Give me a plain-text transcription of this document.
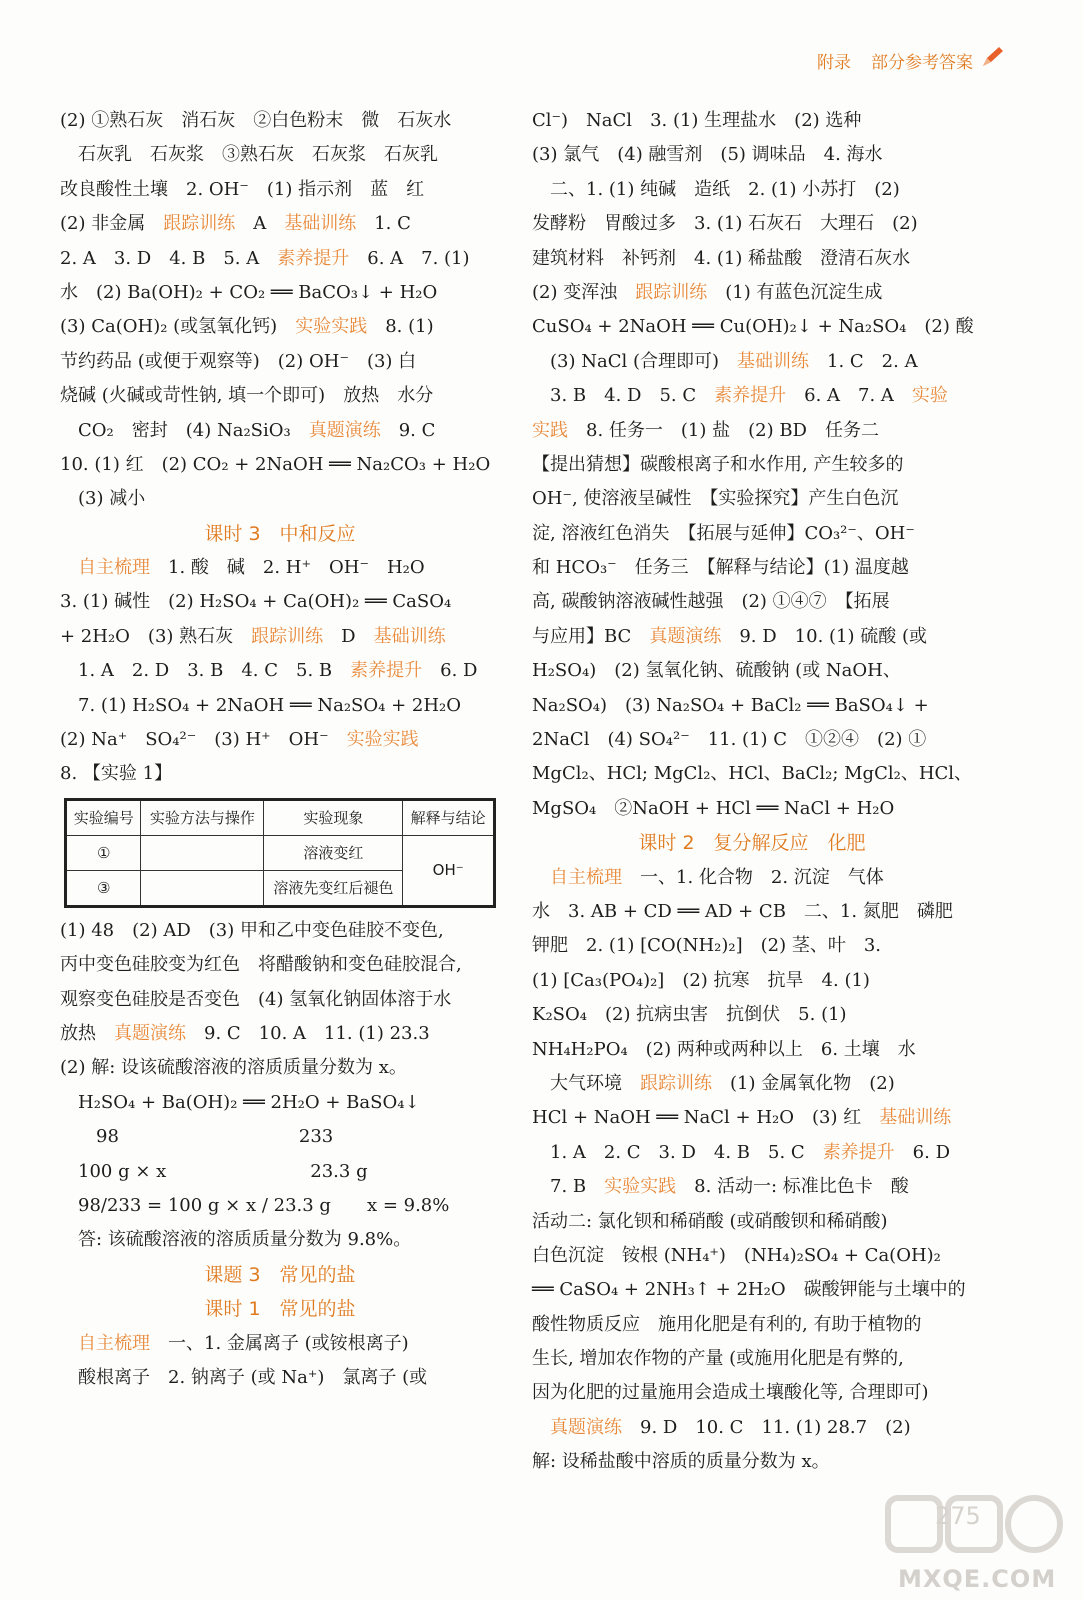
附录 部分参考答案
(2) ①熟石灰　消石灰　②白色粉末　微　石灰水
　石灰乳　石灰浆　③熟石灰　石灰浆　石灰乳
改良酸性土壤　2. OH⁻　(1) 指示剂　蓝　红
(2) 非金属　跟踪训练　A　基础训练　1. C
2. A　3. D　4. B　5. A　素养提升　6. A　7. (1)
水　(2) Ba(OH)₂ + CO₂ ══ BaCO₃↓ + H₂O
(3) Ca(OH)₂ (或氢氧化钙)　实验实践　8. (1)
节约药品 (或便于观察等)　(2) OH⁻　(3) 白
烧碱 (火碱或苛性钠, 填一个即可)　放热　水分
　CO₂　密封　(4) Na₂SiO₃　真题演练　9. C
10. (1) 红　(2) CO₂ + 2NaOH ══ Na₂CO₃ + H₂O
　(3) 减小
课时 3　中和反应
　自主梳理　1. 酸　碱　2. H⁺　OH⁻　H₂O
3. (1) 碱性　(2) H₂SO₄ + Ca(OH)₂ ══ CaSO₄
+ 2H₂O　(3) 熟石灰　跟踪训练　D　基础训练
　1. A　2. D　3. B　4. C　5. B　素养提升　6. D
　7. (1) H₂SO₄ + 2NaOH ══ Na₂SO₄ + 2H₂O
(2) Na⁺　SO₄²⁻　(3) H⁺　OH⁻　实验实践
8. 【实验 1】
实验编号	实验方法与操作	实验现象	解释与结论
①		溶液变红	OH⁻
③		溶液先变红后褪色	
(1) 48　(2) AD　(3) 甲和乙中变色硅胶不变色,
丙中变色硅胶变为红色　将醋酸钠和变色硅胶混合,
观察变色硅胶是否变色　(4) 氢氧化钠固体溶于水
放热　真题演练　9. C　10. A　11. (1) 23.3
(2) 解: 设该硫酸溶液的溶质质量分数为 x。
　H₂SO₄ + Ba(OH)₂ ══ 2H₂O + BaSO₄↓
　　98　　　　　　　　　　233
　100 g × x　　　　　　　　23.3 g
　98/233 = 100 g × x / 23.3 g　　x = 9.8%
　答: 该硫酸溶液的溶质质量分数为 9.8%。
课题 3　常见的盐
课时 1　常见的盐
　自主梳理　一、1. 金属离子 (或铵根离子)
　酸根离子　2. 钠离子 (或 Na⁺)　氯离子 (或
Cl⁻)　NaCl　3. (1) 生理盐水　(2) 选种
(3) 氯气　(4) 融雪剂　(5) 调味品　4. 海水
　二、1. (1) 纯碱　造纸　2. (1) 小苏打　(2)
发酵粉　胃酸过多　3. (1) 石灰石　大理石　(2)
建筑材料　补钙剂　4. (1) 稀盐酸　澄清石灰水
(2) 变浑浊　跟踪训练　(1) 有蓝色沉淀生成
CuSO₄ + 2NaOH ══ Cu(OH)₂↓ + Na₂SO₄　(2) 酸
　(3) NaCl (合理即可)　基础训练　1. C　2. A
　3. B　4. D　5. C　素养提升　6. A　7. A　实验
实践　8. 任务一　(1) 盐　(2) BD　任务二
【提出猜想】碳酸根离子和水作用, 产生较多的
OH⁻, 使溶液呈碱性　【实验探究】产生白色沉
淀, 溶液红色消失　【拓展与延伸】CO₃²⁻、OH⁻
和 HCO₃⁻　任务三　【解释与结论】(1) 温度越
高, 碳酸钠溶液碱性越强　(2) ①④⑦　【拓展
与应用】BC　真题演练　9. D　10. (1) 硫酸 (或
H₂SO₄)　(2) 氢氧化钠、硫酸钠 (或 NaOH、
Na₂SO₄)　(3) Na₂SO₄ + BaCl₂ ══ BaSO₄↓ +
2NaCl　(4) SO₄²⁻　11. (1) C　①②④　(2) ①
MgCl₂、HCl; MgCl₂、HCl、BaCl₂; MgCl₂、HCl、
MgSO₄　②NaOH + HCl ══ NaCl + H₂O
课时 2　复分解反应　化肥
　自主梳理　一、1. 化合物　2. 沉淀　气体
水　3. AB + CD ══ AD + CB　二、1. 氮肥　磷肥
钾肥　2. (1) [CO(NH₂)₂]　(2) 茎、叶　3.
(1) [Ca₃(PO₄)₂]　(2) 抗寒　抗旱　4. (1)
K₂SO₄　(2) 抗病虫害　抗倒伏　5. (1)
NH₄H₂PO₄　(2) 两种或两种以上　6. 土壤　水
　大气环境　跟踪训练　(1) 金属氧化物　(2)
HCl + NaOH ══ NaCl + H₂O　(3) 红　基础训练
　1. A　2. C　3. D　4. B　5. C　素养提升　6. D
　7. B　实验实践　8. 活动一: 标准比色卡　酸
活动二: 氯化钡和稀硝酸 (或硝酸钡和稀硝酸)
白色沉淀　铵根 (NH₄⁺)　(NH₄)₂SO₄ + Ca(OH)₂
══ CaSO₄ + 2NH₃↑ + 2H₂O　碳酸钾能与土壤中的
酸性物质反应　施用化肥是有利的, 有助于植物的
生长, 增加农作物的产量 (或施用化肥是有弊的,
因为化肥的过量施用会造成土壤酸化等, 合理即可)
　真题演练　9. D　10. C　11. (1) 28.7　(2)
解: 设稀盐酸中溶质的质量分数为 x。
275
MXQE.COM
